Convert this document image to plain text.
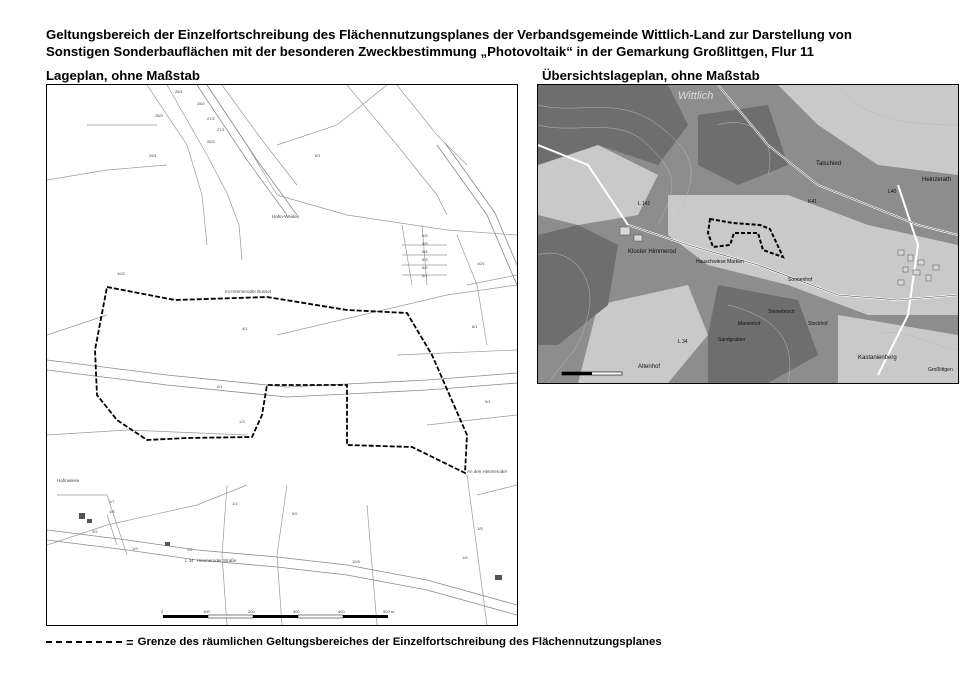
Geltungsbereich der Einzelfortschreibung des Flächennutzungsplanes der Verbandsgemeinde Wittlich-Land zur Darstellung von
Sonstigen Sonderbauflächen mit der besonderen Zweckbestimmung „Photovoltaik“ in der Gemarkung Großlittgen, Flur 11
Lageplan, ohne Maßstab	Übersichtslageplan, ohne Maßstab
28/1
28/2
27/2
27/1
28/3
26/2
26/1	6/1
6/6
6/5
6/4
6/3
6/2
5/1
4/1
2/1
1/3
8/1
9/1
10/2
10/1
9/2
10/3
1/1
1/5
1/6
1/7
1/8
1/9	2/2
3/2
Im Himmeroder Bosset
Hahn-Weiden
Hahnwiese
L 34 Himmeroder Straße
An den Himmeroder
0	100	200	300	400	500 m
Wittlich
Kloster Himmerod
Hauschwiese Marken
Talschied
Heinzerath
Altenhof
Sandgraben
Kastanienberg
Steinebruch
Sonnenhof
Marienhof	Stockhof
Großlittgen
L 34
L 141	K41
L40
= Grenze des räumlichen Geltungsbereiches der Einzelfortschreibung des Flächennutzungsplanes
